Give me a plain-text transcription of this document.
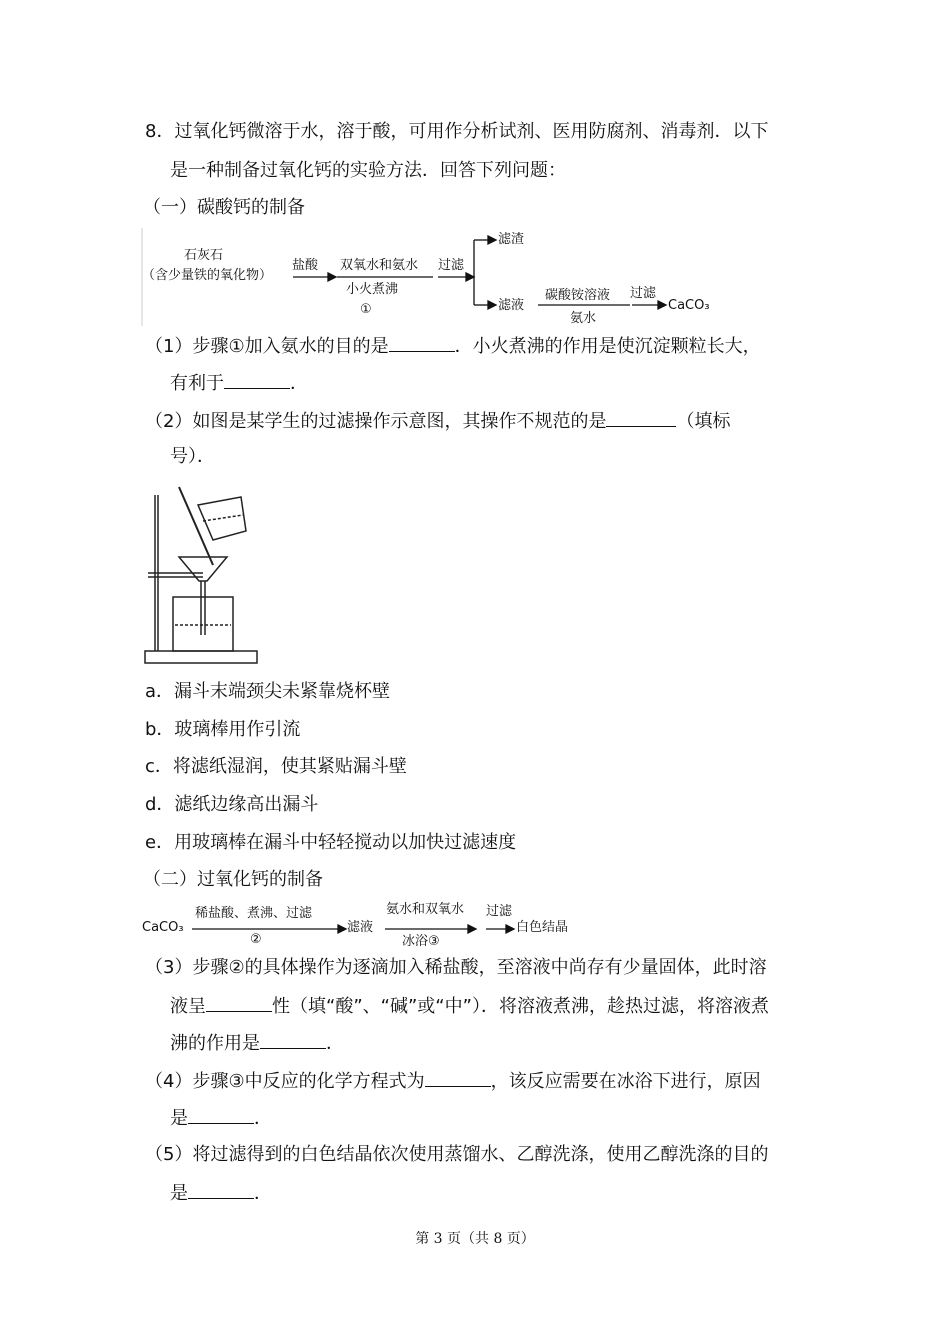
8．过氧化钙微溶于水，溶于酸，可用作分析试剂、医用防腐剂、消毒剂．以下
是一种制备过氧化钙的实验方法．回答下列问题：
（一）碳酸钙的制备
石灰石
（含少量铁的氧化物）
盐酸 双氧水和氨水
小火煮沸
①
过滤
滤渣
滤液
碳酸铵溶液
氨水
过滤
CaCO₃
（1）步骤①加入氨水的目的是	．小火煮沸的作用是使沉淀颗粒长大，
有利于	．
（2）如图是某学生的过滤操作示意图，其操作不规范的是	（填标
号）．
a．漏斗末端颈尖未紧靠烧杯壁
b．玻璃棒用作引流
c．将滤纸湿润，使其紧贴漏斗壁
d．滤纸边缘高出漏斗
e．用玻璃棒在漏斗中轻轻搅动以加快过滤速度
（二）过氧化钙的制备
CaCO₃
稀盐酸、煮沸、过滤
②
滤液
氨水和双氧水
冰浴③
过滤
白色结晶
（3）步骤②的具体操作为逐滴加入稀盐酸，至溶液中尚存有少量固体，此时溶
液呈	性（填“酸”、“碱”或“中”）．将溶液煮沸，趁热过滤，将溶液煮
沸的作用是	．
（4）步骤③中反应的化学方程式为	，该反应需要在冰浴下进行，原因
是	．
（5）将过滤得到的白色结晶依次使用蒸馏水、乙醇洗涤，使用乙醇洗涤的目的
是	．
第 3 页（共 8 页）
